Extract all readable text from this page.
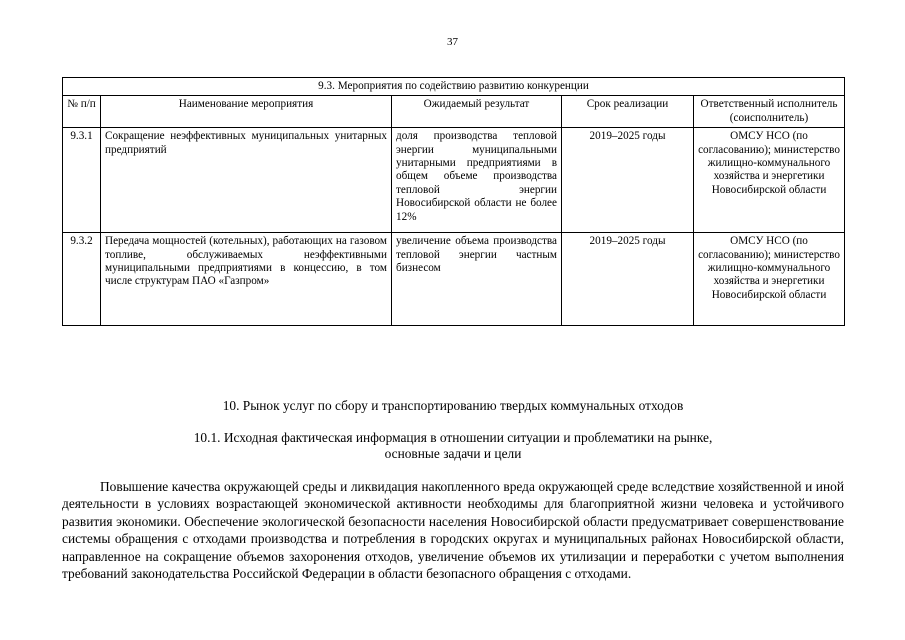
37
9.3. Мероприятия по содействию развитию конкуренции				
№ п/п	Наименование мероприятия	Ожидаемый результат	Срок реализации	Ответственный исполнитель (соисполнитель)
9.3.1	Сокращение неэффективных муниципальных унитарных предприятий	доля производства тепловой энергии муниципальными унитарными предприятиями в общем объеме производства тепловой энергии Новосибирской области не более 12%	2019–2025 годы	ОМСУ НСО (по согласованию); министерство жилищно-коммунального хозяйства и энергетики Новосибирской области
9.3.2	Передача мощностей (котельных), работающих на газовом топливе, обслуживаемых неэффективными муниципальными предприятиями в концессию, в том числе структурам ПАО «Газпром»	увеличение объема производства тепловой энергии частным бизнесом	2019–2025 годы	ОМСУ НСО (по согласованию); министерство жилищно-коммунального хозяйства и энергетики Новосибирской области
10. Рынок услуг по сбору и транспортированию твердых коммунальных отходов
10.1. Исходная фактическая информация в отношении ситуации и проблематики на рынке,
основные задачи и цели
Повышение качества окружающей среды и ликвидация накопленного вреда окружающей среде вследствие хозяйственной и иной деятельности в условиях возрастающей экономической активности необходимы для благоприятной жизни человека и устойчивого развития экономики. Обеспечение экологической безопасности населения Новосибирской области предусматривает совершенствование системы обращения с отходами производства и потребления в городских округах и муниципальных районах Новосибирской области, направленное на сокращение объемов захоронения отходов, увеличение объемов их утилизации и переработки с учетом выполнения требований законодательства Российской Федерации в области безопасного обращения с отходами.
